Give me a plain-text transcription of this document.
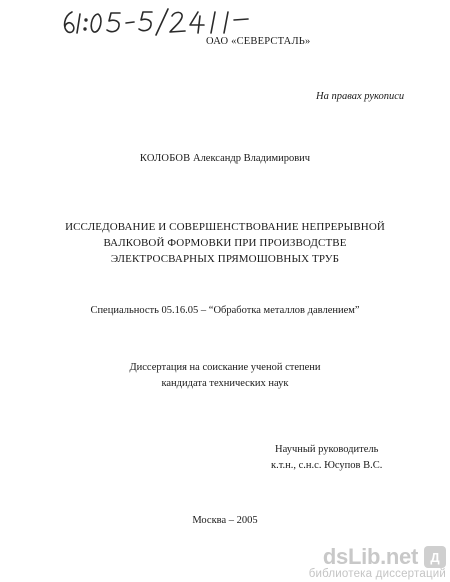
ОАО «СЕВЕРСТАЛЬ»
На правах рукописи
КОЛОБОВ Александр Владимирович
ИССЛЕДОВАНИЕ И СОВЕРШЕНСТВОВАНИЕ НЕПРЕРЫВНОЙ
ВАЛКОВОЙ ФОРМОВКИ ПРИ ПРОИЗВОДСТВЕ
ЭЛЕКТРОСВАРНЫХ ПРЯМОШОВНЫХ ТРУБ
Специальность 05.16.05 – “Обработка металлов давлением”
Диссертация на соискание ученой степени
кандидата технических наук
Научный руководитель
к.т.н., с.н.с. Юсупов В.С.
Москва – 2005
dsLib.net Д
библиотека диссертаций
